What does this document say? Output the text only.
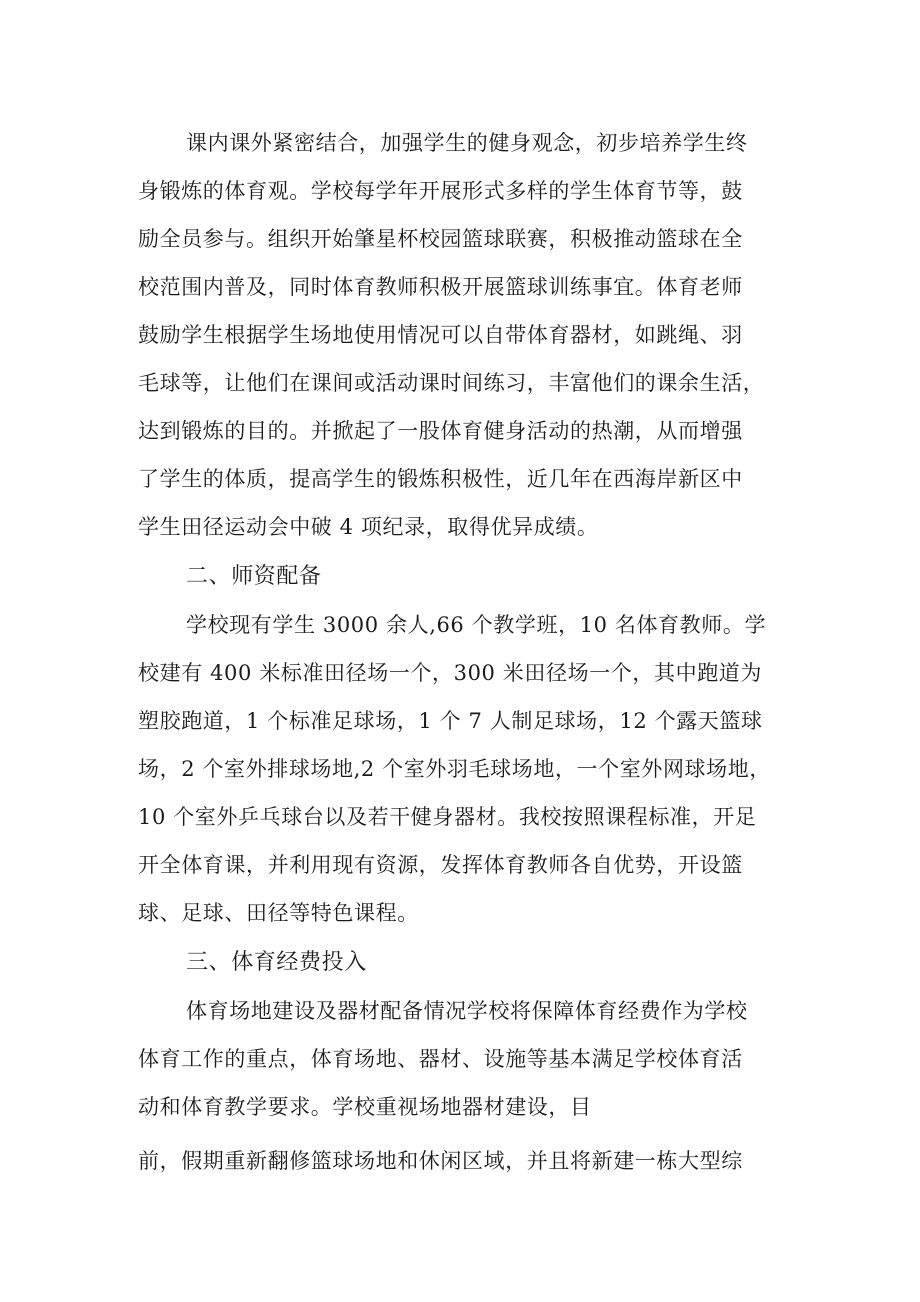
课内课外紧密结合，加强学生的健身观念，初步培养学生终
身锻炼的体育观。学校每学年开展形式多样的学生体育节等，鼓
励全员参与。组织开始肇星杯校园篮球联赛，积极推动篮球在全
校范围内普及，同时体育教师积极开展篮球训练事宜。体育老师
鼓励学生根据学生场地使用情况可以自带体育器材，如跳绳、羽
毛球等，让他们在课间或活动课时间练习，丰富他们的课余生活，
达到锻炼的目的。并掀起了一股体育健身活动的热潮，从而增强
了学生的体质，提高学生的锻炼积极性，近几年在西海岸新区中
学生田径运动会中破 4 项纪录，取得优异成绩。
二、师资配备
学校现有学生 3000 余人,66 个教学班，10 名体育教师。学
校建有 400 米标准田径场一个，300 米田径场一个，其中跑道为
塑胶跑道，1 个标准足球场，1 个 7 人制足球场，12 个露天篮球
场，2 个室外排球场地,2 个室外羽毛球场地，一个室外网球场地，
10 个室外乒乓球台以及若干健身器材。我校按照课程标准，开足
开全体育课，并利用现有资源，发挥体育教师各自优势，开设篮
球、足球、田径等特色课程。
三、体育经费投入
体育场地建设及器材配备情况学校将保障体育经费作为学校
体育工作的重点，体育场地、器材、设施等基本满足学校体育活
动和体育教学要求。学校重视场地器材建设，目
前，假期重新翻修篮球场地和休闲区域，并且将新建一栋大型综
